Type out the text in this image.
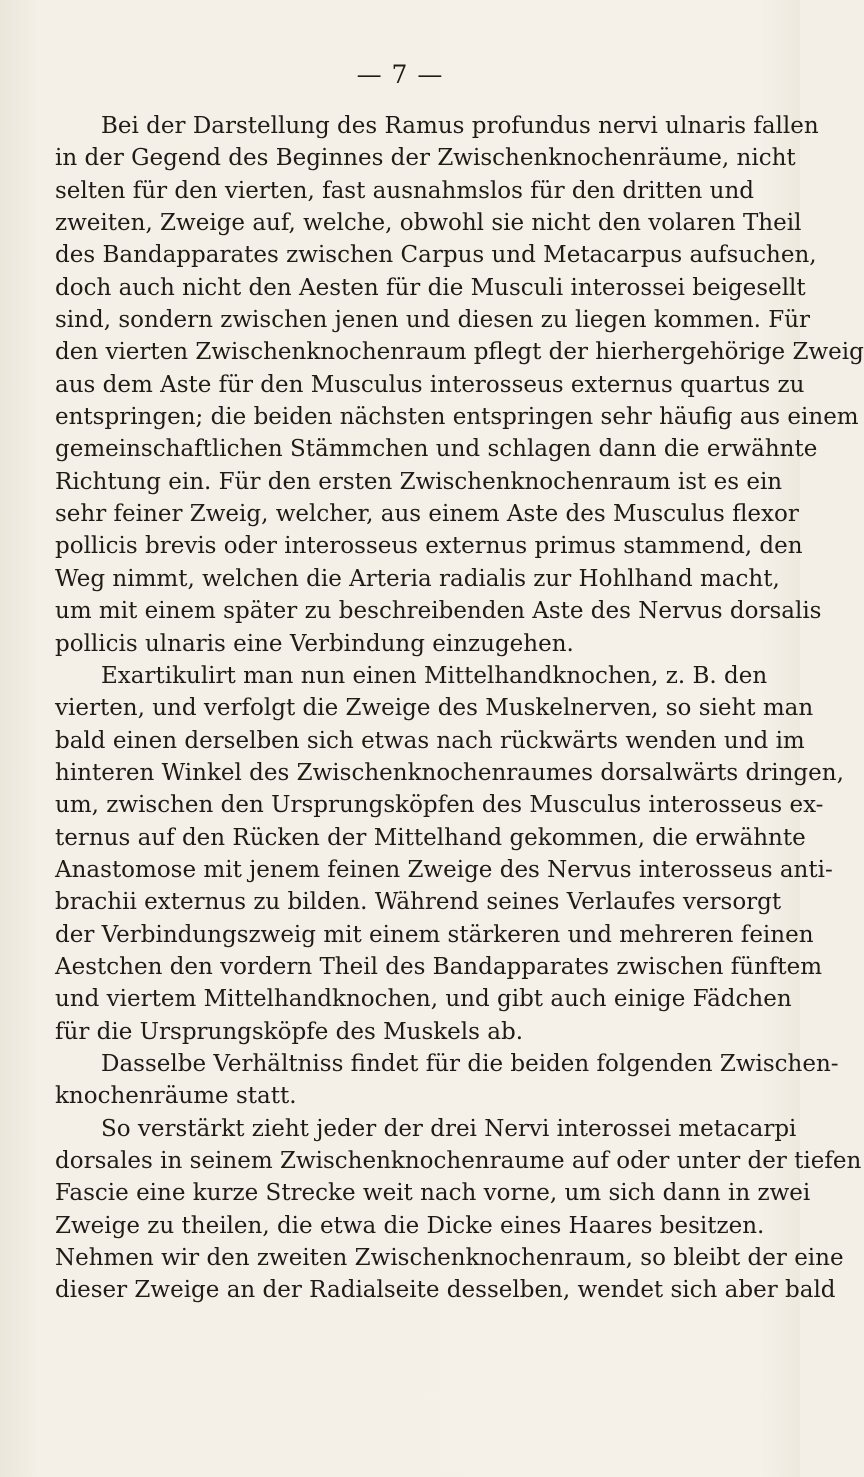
— 7 —
Bei der Darstellung des Ramus profundus nervi ulnaris fallen
in der Gegend des Beginnes der Zwischenknochenräume, nicht
selten für den vierten, fast ausnahmslos für den dritten und
zweiten, Zweige auf, welche, obwohl sie nicht den volaren Theil
des Bandapparates zwischen Carpus und Metacarpus aufsuchen,
doch auch nicht den Aesten für die Musculi interossei beigesellt
sind, sondern zwischen jenen und diesen zu liegen kommen. Für
den vierten Zwischenknochenraum pflegt der hierhergehörige Zweig
aus dem Aste für den Musculus interosseus externus quartus zu
entspringen; die beiden nächsten entspringen sehr häufig aus einem
gemeinschaftlichen Stämmchen und schlagen dann die erwähnte
Richtung ein. Für den ersten Zwischenknochenraum ist es ein
sehr feiner Zweig, welcher, aus einem Aste des Musculus flexor
pollicis brevis oder interosseus externus primus stammend, den
Weg nimmt, welchen die Arteria radialis zur Hohlhand macht,
um mit einem später zu beschreibenden Aste des Nervus dorsalis
pollicis ulnaris eine Verbindung einzugehen.
Exartikulirt man nun einen Mittelhandknochen, z. B. den
vierten, und verfolgt die Zweige des Muskelnerven, so sieht man
bald einen derselben sich etwas nach rückwärts wenden und im
hinteren Winkel des Zwischenknochenraumes dorsalwärts dringen,
um, zwischen den Ursprungsköpfen des Musculus interosseus ex-
ternus auf den Rücken der Mittelhand gekommen, die erwähnte
Anastomose mit jenem feinen Zweige des Nervus interosseus anti-
brachii externus zu bilden. Während seines Verlaufes versorgt
der Verbindungszweig mit einem stärkeren und mehreren feinen
Aestchen den vordern Theil des Bandapparates zwischen fünftem
und viertem Mittelhandknochen, und gibt auch einige Fädchen
für die Ursprungsköpfe des Muskels ab.
Dasselbe Verhältniss findet für die beiden folgenden Zwischen-
knochenräume statt.
So verstärkt zieht jeder der drei Nervi interossei metacarpi
dorsales in seinem Zwischenknochenraume auf oder unter der tiefen
Fascie eine kurze Strecke weit nach vorne, um sich dann in zwei
Zweige zu theilen, die etwa die Dicke eines Haares besitzen.
Nehmen wir den zweiten Zwischenknochenraum, so bleibt der eine
dieser Zweige an der Radialseite desselben, wendet sich aber bald
